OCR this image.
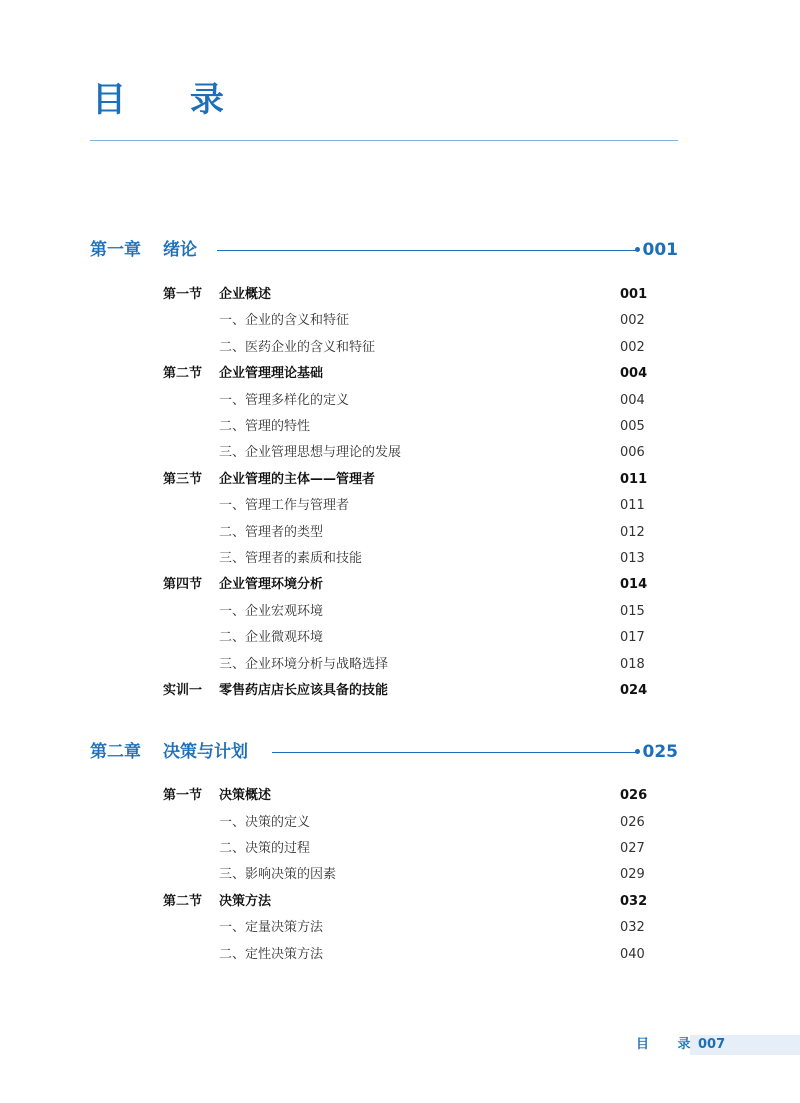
目 录
第一章 绪论	001
第一节 企业概述	001
一、企业的含义和特征	002
二、医药企业的含义和特征	002
第二节 企业管理理论基础	004
一、管理多样化的定义	004
二、管理的特性	005
三、企业管理思想与理论的发展	006
第三节 企业管理的主体——管理者	011
一、管理工作与管理者	011
二、管理者的类型	012
三、管理者的素质和技能	013
第四节 企业管理环境分析	014
一、企业宏观环境	015
二、企业微观环境	017
三、企业环境分析与战略选择	018
实训一 零售药店店长应该具备的技能	024
第二章 决策与计划	025
第一节 决策概述	026
一、决策的定义	026
二、决策的过程	027
三、影响决策的因素	029
第二节 决策方法	032
一、定量决策方法	032
二、定性决策方法	040
目 录
007
